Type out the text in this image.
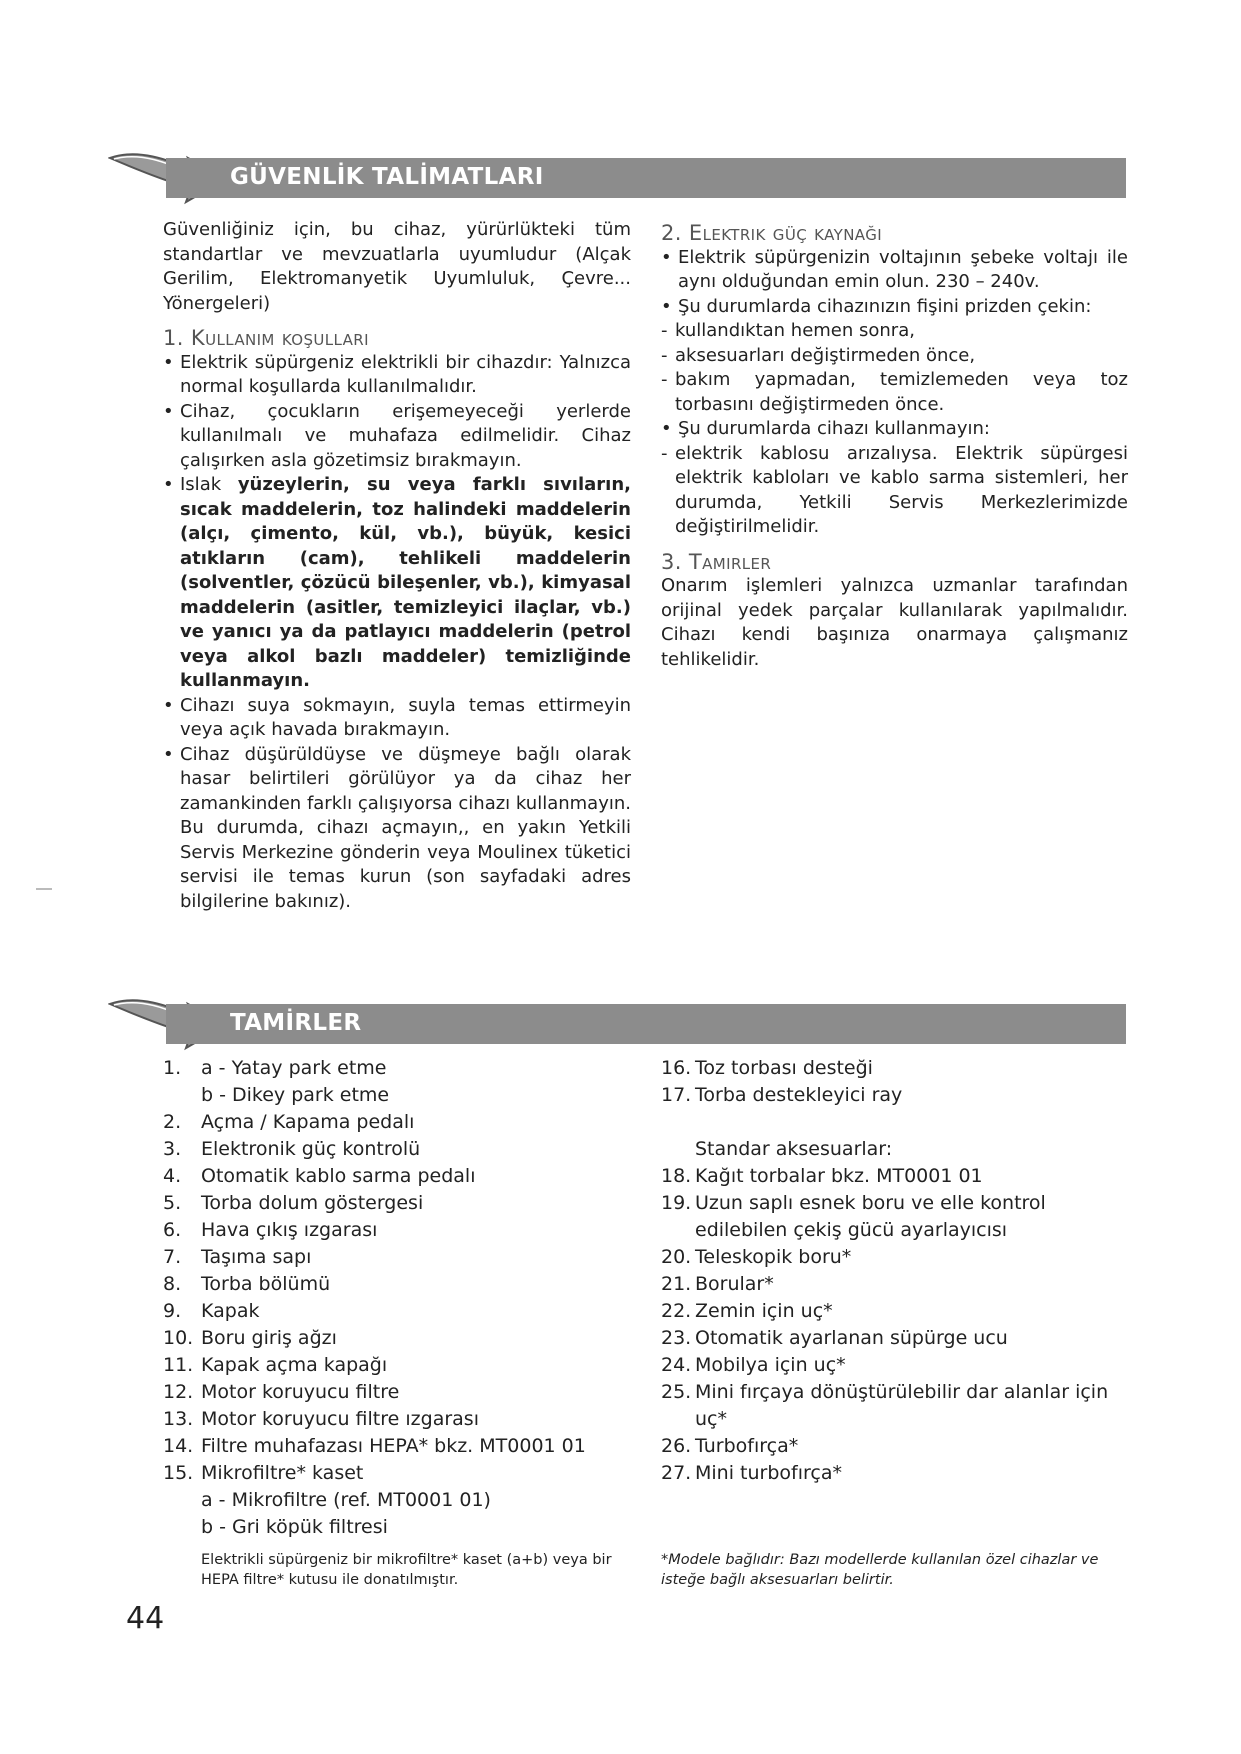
GÜVENLİK TALİMATLARI

Güvenliğiniz için, bu cihaz, yürürlükteki tüm standartlar ve mevzuatlarla uyumludur (Alçak Gerilim, Elektromanyetik Uyumluluk, Çevre... Yönergeleri)

1. Kullanım koşulları

• Elektrik süpürgeniz elektrikli bir cihazdır: Yalnızca normal koşullarda kullanılmalıdır.

• Cihaz, çocukların erişemeyeceği yerlerde kullanılmalı ve muhafaza edilmelidir. Cihaz çalışırken asla gözetimsiz bırakmayın.

• Islak yüzeylerin, su veya farklı sıvıların, sıcak maddelerin, toz halindeki maddelerin (alçı, çimento, kül, vb.), büyük, kesici atıkların (cam), tehlikeli maddelerin (solventler, çözücü bileşenler, vb.), kimyasal maddelerin (asitler, temizleyici ilaçlar, vb.) ve yanıcı ya da patlayıcı maddelerin (petrol veya alkol bazlı maddeler) temizliğinde kullanmayın.

• Cihazı suya sokmayın, suyla temas ettirmeyin veya açık havada bırakmayın.

• Cihaz düşürüldüyse ve düşmeye bağlı olarak hasar belirtileri görülüyor ya da cihaz her zamankinden farklı çalışıyorsa cihazı kullanmayın. Bu durumda, cihazı açmayın,, en yakın Yetkili Servis Merkezine gönderin veya Moulinex tüketici servisi ile temas kurun (son sayfadaki adres bilgilerine bakınız).

2. Elektrik güç kaynağı

• Elektrik süpürgenizin voltajının şebeke voltajı ile aynı olduğundan emin olun. 230 – 240v.

• Şu durumlarda cihazınızın fişini prizden çekin:

- kullandıktan hemen sonra,

- aksesuarları değiştirmeden önce,

- bakım yapmadan, temizlemeden veya toz torbasını değiştirmeden önce.

• Şu durumlarda cihazı kullanmayın:

- elektrik kablosu arızalıysa. Elektrik süpürgesi elektrik kabloları ve kablo sarma sistemleri, her durumda, Yetkili Servis Merkezlerimizde değiştirilmelidir.

3. Tamirler

Onarım işlemleri yalnızca uzmanlar tarafından orijinal yedek parçalar kullanılarak yapılmalıdır. Cihazı kendi başınıza onarmaya çalışmanız tehlikelidir.

TAMİRLER
1. a - Yatay park etme
b - Dikey park etme
2. Açma / Kapama pedalı
3. Elektronik güç kontrolü
4. Otomatik kablo sarma pedalı
5. Torba dolum göstergesi
6. Hava çıkış ızgarası
7. Taşıma sapı
8. Torba bölümü
9. Kapak
10. Boru giriş ağzı
11. Kapak açma kapağı
12. Motor koruyucu filtre
13. Motor koruyucu filtre ızgarası
14. Filtre muhafazası HEPA* bkz. MT0001 01
15. Mikrofiltre* kaset
a - Mikrofiltre (ref. MT0001 01)
b - Gri köpük filtresi
Elektrikli süpürgeniz bir mikrofiltre* kaset (a+b) veya bir HEPA filtre* kutusu ile donatılmıştır.
16. Toz torbası desteği
17. Torba destekleyici ray
Standar aksesuarlar:
18. Kağıt torbalar bkz. MT0001 01
19. Uzun saplı esnek boru ve elle kontrol edilebilen çekiş gücü ayarlayıcısı
20. Teleskopik boru*
21. Borular*
22. Zemin için uç*
23. Otomatik ayarlanan süpürge ucu
24. Mobilya için uç*
25. Mini fırçaya dönüştürülebilir dar alanlar için uç*
26. Turbofırça*
27. Mini turbofırça*
*Modele bağlıdır: Bazı modellerde kullanılan özel cihazlar ve isteğe bağlı aksesuarları belirtir.
44
